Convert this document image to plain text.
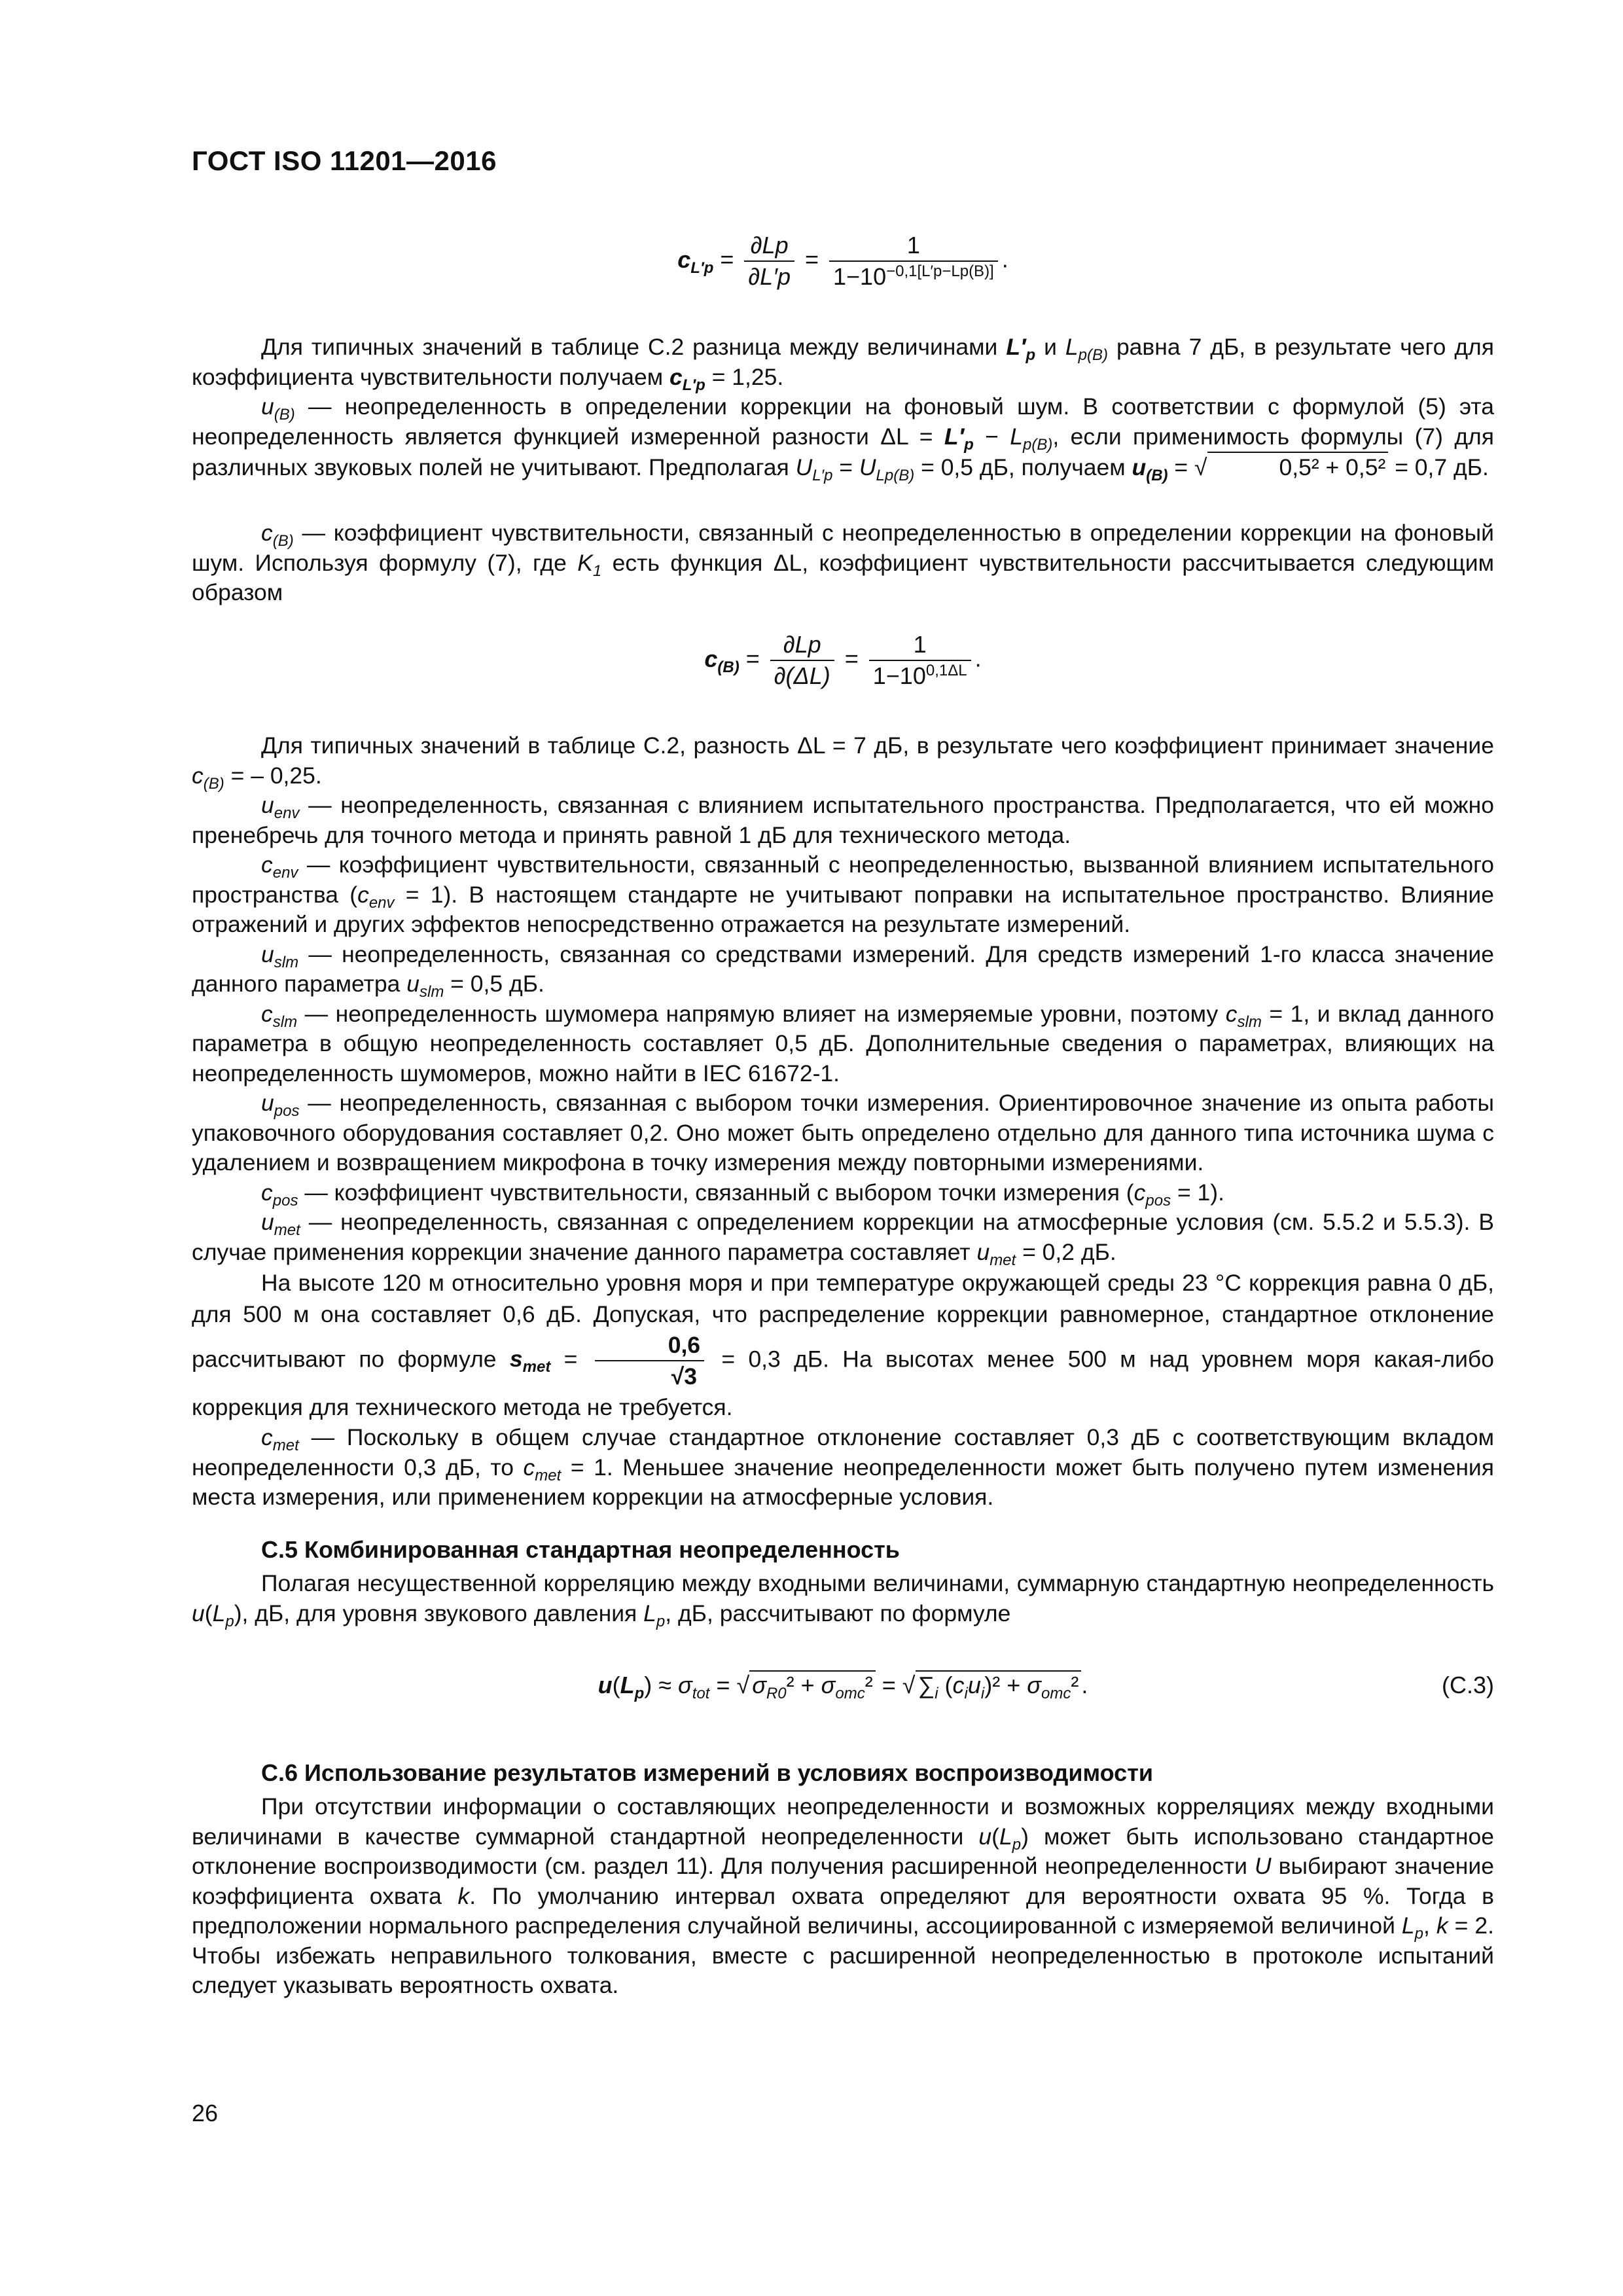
ГОСТ ISO 11201—2016
$c_{L'p} = \frac{\partial Lp}{\partial L'p} = \frac{1}{1-10^{-0,1[L'p-Lp(B)]}}$ .

Для типичных значений в таблице С.2 разница между величинами $L'_p$ и $L_{p(B)}$ равна 7 дБ, в результате чего для коэффициента чувствительности получаем $c_{L'p} = 1,25$.

$u_{(B)}$ — неопределенность в определении коррекции на фоновый шум. В соответствии с формулой (5) эта неопределенность является функцией измеренной разности $\Delta L = L'_p - L_{p(B)}$, если применимость формулы (7) для различных звуковых полей не учитывают. Предполагая $U_{L'p} = U_{Lp(B)} = 0,5$ дБ, получаем $u_{(B)}$ = √	0,5² + 0,5² = 0,7 дБ.

$c_{(B)}$ — коэффициент чувствительности, связанный с неопределенностью в определении коррекции на фоновый шум. Используя формулу (7), где $K_1$ есть функция ΔL, коэффициент чувствительности рассчитывается следующим образом

$c_{(B)} = \frac{\partial Lp}{\partial(\Delta L)} = \frac{1}{1-10^{0,1\Delta L}}$ .

Для типичных значений в таблице С.2, разность ΔL = 7 дБ, в результате чего коэффициент принимает значение $c_{(B)}$ = – 0,25.

$u_{env}$ — неопределенность, связанная с влиянием испытательного пространства. Предполагается, что ей можно пренебречь для точного метода и принять равной 1 дБ для технического метода.

$c_{env}$ — коэффициент чувствительности, связанный с неопределенностью, вызванной влиянием испытательного пространства $(c_{env} = 1)$. В настоящем стандарте не учитывают поправки на испытательное пространство. Влияние отражений и других эффектов непосредственно отражается на результате измерений.

$u_{slm}$ — неопределенность, связанная со средствами измерений. Для средств измерений 1-го класса значение данного параметра $u_{slm} = 0,5$ дБ.

$c_{slm}$ — неопределенность шумомера напрямую влияет на измеряемые уровни, поэтому $c_{slm} = 1$, и вклад данного параметра в общую неопределенность составляет 0,5 дБ. Дополнительные сведения о параметрах, влияющих на неопределенность шумомеров, можно найти в IEC 61672-1.

$u_{pos}$ — неопределенность, связанная с выбором точки измерения. Ориентировочное значение из опыта работы упаковочного оборудования составляет 0,2. Оно может быть определено отдельно для данного типа источника шума с удалением и возвращением микрофона в точку измерения между повторными измерениями.

$c_{pos}$ — коэффициент чувствительности, связанный с выбором точки измерения $(c_{pos} = 1)$.

$u_{met}$ — неопределенность, связанная с определением коррекции на атмосферные условия (см. 5.5.2 и 5.5.3). В случае применения коррекции значение данного параметра составляет $u_{met} = 0,2$ дБ.

На высоте 120 м относительно уровня моря и при температуре окружающей среды 23 °С коррекция равна 0 дБ, для 500 м она составляет 0,6 дБ. Допуская, что распределение коррекции равномерное, стандартное отклонение рассчитывают по формуле $s_{met} = \frac{0,6}{√3} = 0,3$ дБ. На высотах менее 500 м над уровнем моря какая-либо коррекция для технического метода не требуется.

$c_{met}$ — Поскольку в общем случае стандартное отклонение составляет 0,3 дБ с соответствующим вкладом неопределенности 0,3 дБ, то $c_{met} = 1$. Меньшее значение неопределенности может быть получено путем изменения места измерения, или применением коррекции на атмосферные условия.

С.5 Комбинированная стандартная неопределенность

Полагая несущественной корреляцию между входными величинами, суммарную стандартную неопределенность $u(L_p)$, дБ, для уровня звукового давления $L_p$, дБ, рассчитывают по формуле

$u(L_p) \approx \sigma_{tot}$ = √ $\sigma_{R0}^2 + \sigma_{omc}^2$ = √ $\sum_i$ $(c_iu_i)^2 + \sigma_{omc}^2$ .	(С.3)
С.6 Использование результатов измерений в условиях воспроизводимости

При отсутствии информации о составляющих неопределенности и возможных корреляциях между входными величинами в качестве суммарной стандартной неопределенности $u(L_p)$ может быть использовано стандартное отклонение воспроизводимости (см. раздел 11). Для получения расширенной неопределенности U выбирают значение коэффициента охвата k. По умолчанию интервал охвата определяют для вероятности охвата 95 %. Тогда в предположении нормального распределения случайной величины, ассоциированной с измеряемой величиной $L_p$, k = 2. Чтобы избежать неправильного толкования, вместе с расширенной неопределенностью в протоколе испытаний следует указывать вероятность охвата.

26
